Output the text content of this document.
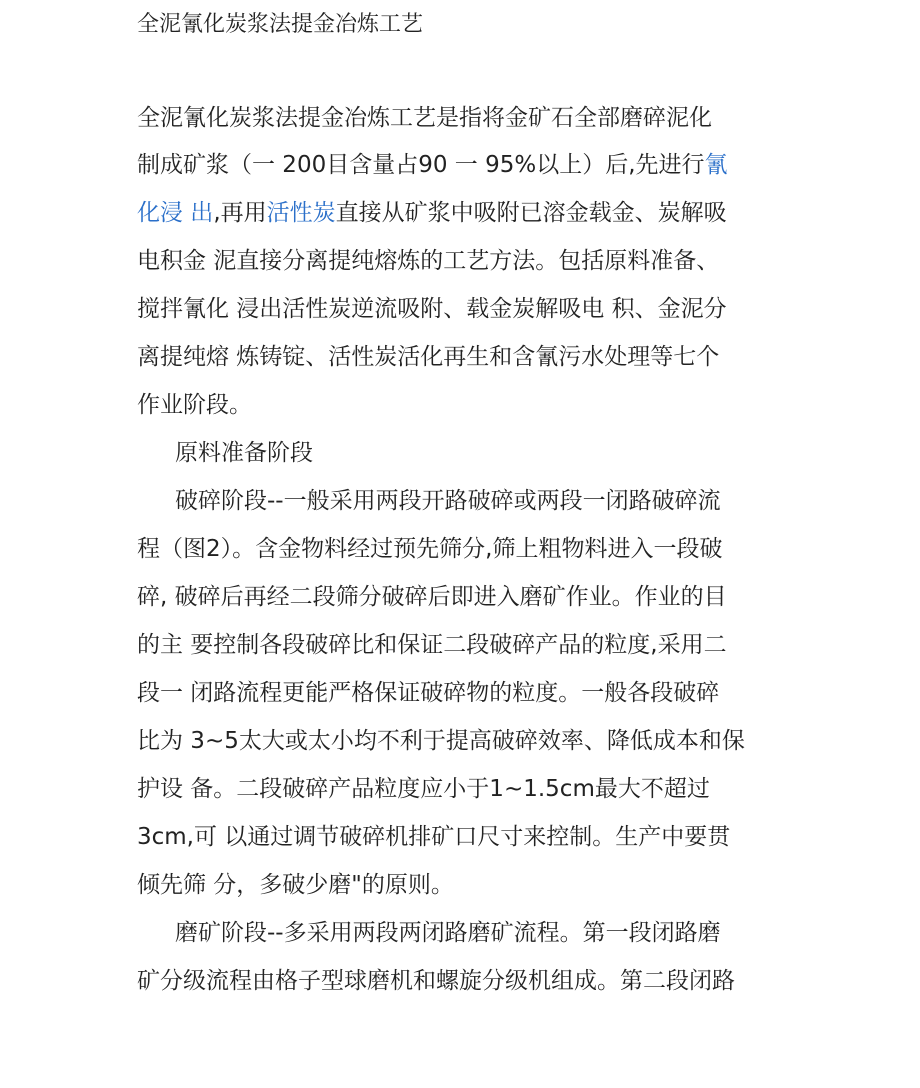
全泥氰化炭浆法提金冶炼工艺
全泥氰化炭浆法提金冶炼工艺是指将金矿石全部磨碎泥化
制成矿浆（一 200目含量占90 一 95%以上）后,先进行氰
化浸 出,再用活性炭直接从矿浆中吸附已溶金载金、炭解吸
电积金 泥直接分离提纯熔炼的工艺方法。包括原料准备、
搅拌氰化 浸出活性炭逆流吸附、载金炭解吸电 积、金泥分
离提纯熔 炼铸锭、活性炭活化再生和含氰污水处理等七个
作业阶段。
原料准备阶段
破碎阶段--一般采用两段开路破碎或两段一闭路破碎流
程（图2）。含金物料经过预先筛分,筛上粗物料进入一段破
碎, 破碎后再经二段筛分破碎后即进入磨矿作业。作业的目
的主 要控制各段破碎比和保证二段破碎产品的粒度,采用二
段一 闭路流程更能严格保证破碎物的粒度。一般各段破碎
比为 3~5太大或太小均不利于提高破碎效率、降低成本和保
护设 备。二段破碎产品粒度应小于1~1.5cm最大不超过
3cm,可 以通过调节破碎机排矿口尺寸来控制。生产中要贯
倾先筛 分，多破少磨"的原则。
磨矿阶段--多采用两段两闭路磨矿流程。第一段闭路磨
矿分级流程由格子型球磨机和螺旋分级机组成。第二段闭路
